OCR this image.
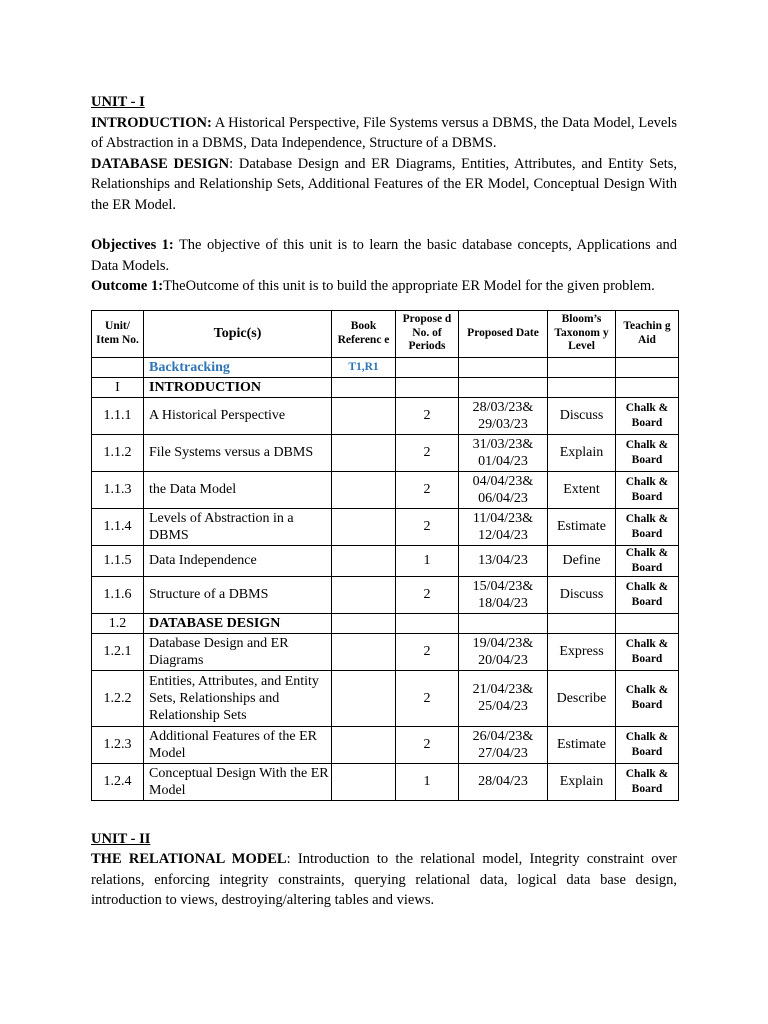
UNIT - I

INTRODUCTION: A Historical Perspective, File Systems versus a DBMS, the Data Model, Levels of Abstraction in a DBMS, Data Independence, Structure of a DBMS.

DATABASE DESIGN: Database Design and ER Diagrams, Entities, Attributes, and Entity Sets, Relationships and Relationship Sets, Additional Features of the ER Model, Conceptual Design With the ER Model.

Objectives 1: The objective of this unit is to learn the basic database concepts, Applications and Data Models.

Outcome 1:TheOutcome of this unit is to build the appropriate ER Model for the given problem.

Unit/ Item No.	Topic(s)	Book Referenc e	Propose d No. of Periods	Proposed Date	Bloom’s Taxonom y Level	Teachin g Aid
	Backtracking	T1,R1				
I	INTRODUCTION					
1.1.1	A Historical Perspective		2	28/03/23& 29/03/23	Discuss	Chalk & Board
1.1.2	File Systems versus a DBMS		2	31/03/23& 01/04/23	Explain	Chalk & Board
1.1.3	the Data Model		2	04/04/23& 06/04/23	Extent	Chalk & Board
1.1.4	Levels of Abstraction in a DBMS		2	11/04/23& 12/04/23	Estimate	Chalk & Board
1.1.5	Data Independence		1	13/04/23	Define	Chalk & Board
1.1.6	Structure of a DBMS		2	15/04/23& 18/04/23	Discuss	Chalk & Board
1.2	DATABASE DESIGN					
1.2.1	Database Design and ER Diagrams		2	19/04/23& 20/04/23	Express	Chalk & Board
1.2.2	Entities, Attributes, and Entity Sets, Relationships and Relationship Sets		2	21/04/23& 25/04/23	Describe	Chalk & Board
1.2.3	Additional Features of the ER Model		2	26/04/23& 27/04/23	Estimate	Chalk & Board
1.2.4	Conceptual Design With the ER Model		1	28/04/23	Explain	Chalk & Board

UNIT - II

THE RELATIONAL MODEL: Introduction to the relational model, Integrity constraint over relations, enforcing integrity constraints, querying relational data, logical data base design, introduction to views, destroying/altering tables and views.
